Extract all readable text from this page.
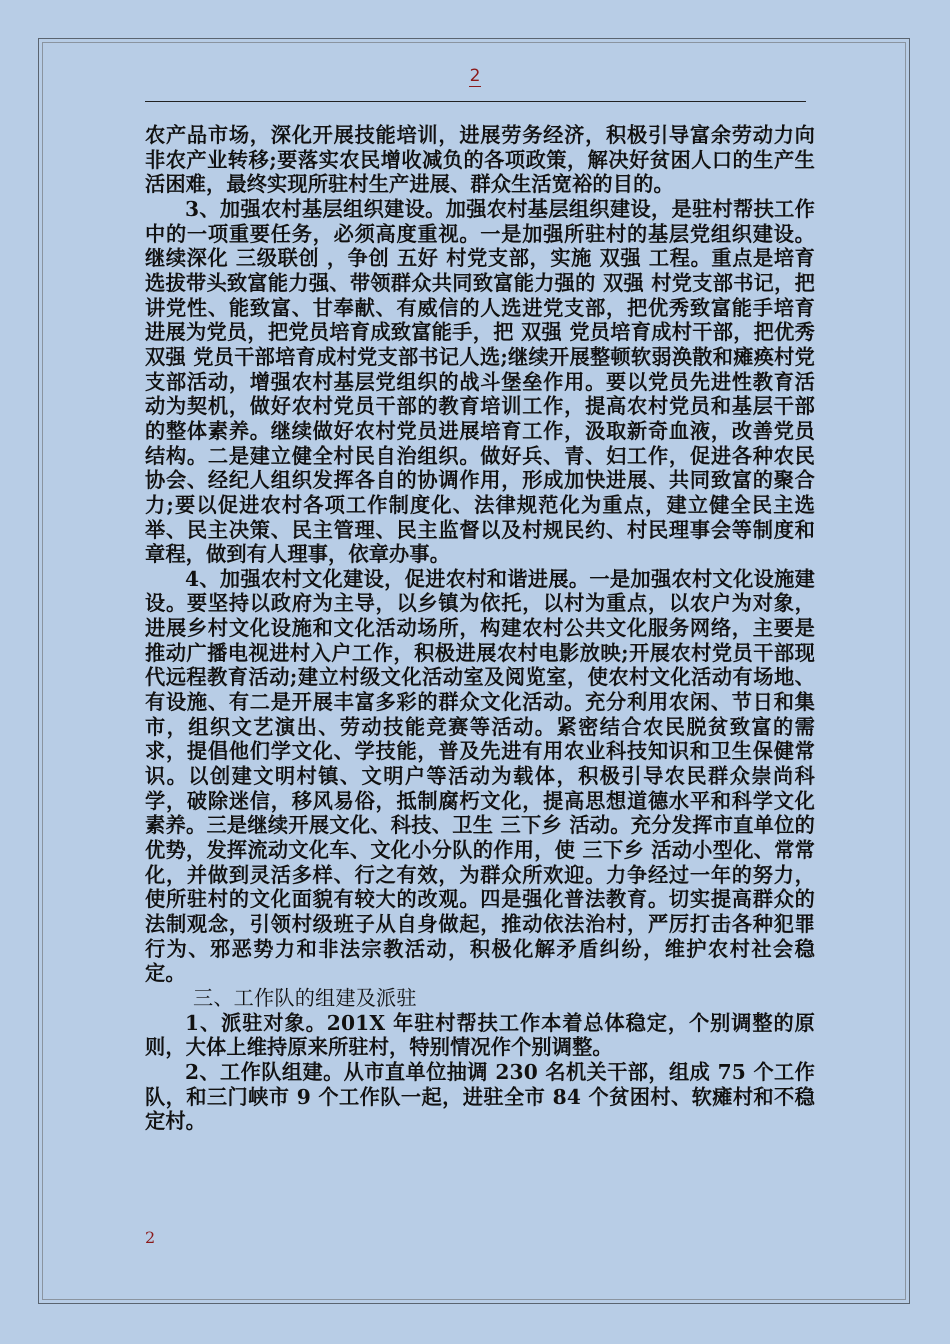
2

农产品市场，深化开展技能培训，进展劳务经济，积极引导富余劳动力向非农产业转移;要落实农民增收减负的各项政策，解决好贫困人口的生产生活困难，最终实现所驻村生产进展、群众生活宽裕的目的。

3、加强农村基层组织建设。加强农村基层组织建设，是驻村帮扶工作中的一项重要任务，必须高度重视。一是加强所驻村的基层党组织建设。继续深化 三级联创 ，争创 五好 村党支部，实施 双强 工程。重点是培育选拔带头致富能力强、带领群众共同致富能力强的 双强 村党支部书记，把讲党性、能致富、甘奉献、有威信的人选进党支部，把优秀致富能手培育进展为党员，把党员培育成致富能手，把 双强 党员培育成村干部，把优秀 双强 党员干部培育成村党支部书记人选;继续开展整顿软弱涣散和瘫痪村党支部活动，增强农村基层党组织的战斗堡垒作用。要以党员先进性教育活动为契机，做好农村党员干部的教育培训工作，提高农村党员和基层干部的整体素养。继续做好农村党员进展培育工作，汲取新奇血液，改善党员结构。二是建立健全村民自治组织。做好兵、青、妇工作，促进各种农民协会、经纪人组织发挥各自的协调作用，形成加快进展、共同致富的聚合力;要以促进农村各项工作制度化、法律规范化为重点，建立健全民主选举、民主决策、民主管理、民主监督以及村规民约、村民理事会等制度和章程，做到有人理事，依章办事。

4、加强农村文化建设，促进农村和谐进展。一是加强农村文化设施建设。要坚持以政府为主导，以乡镇为依托，以村为重点，以农户为对象，进展乡村文化设施和文化活动场所，构建农村公共文化服务网络，主要是推动广播电视进村入户工作，积极进展农村电影放映;开展农村党员干部现代远程教育活动;建立村级文化活动室及阅览室，使农村文化活动有场地、有设施、有二是开展丰富多彩的群众文化活动。充分利用农闲、节日和集市，组织文艺演出、劳动技能竞赛等活动。紧密结合农民脱贫致富的需求，提倡他们学文化、学技能，普及先进有用农业科技知识和卫生保健常识。以创建文明村镇、文明户等活动为载体，积极引导农民群众崇尚科学，破除迷信，移风易俗，抵制腐朽文化，提高思想道德水平和科学文化素养。三是继续开展文化、科技、卫生 三下乡 活动。充分发挥市直单位的优势，发挥流动文化车、文化小分队的作用，使 三下乡 活动小型化、常常化，并做到灵活多样、行之有效，为群众所欢迎。力争经过一年的努力，使所驻村的文化面貌有较大的改观。四是强化普法教育。切实提高群众的法制观念，引领村级班子从自身做起，推动依法治村，严厉打击各种犯罪行为、邪恶势力和非法宗教活动，积极化解矛盾纠纷，维护农村社会稳定。

三、工作队的组建及派驻

1、派驻对象。201X 年驻村帮扶工作本着总体稳定，个别调整的原则，大体上维持原来所驻村，特别情况作个别调整。

2、工作队组建。从市直单位抽调 230 名机关干部，组成 75 个工作队，和三门峡市 9 个工作队一起，进驻全市 84 个贫困村、软瘫村和不稳定村。

2
